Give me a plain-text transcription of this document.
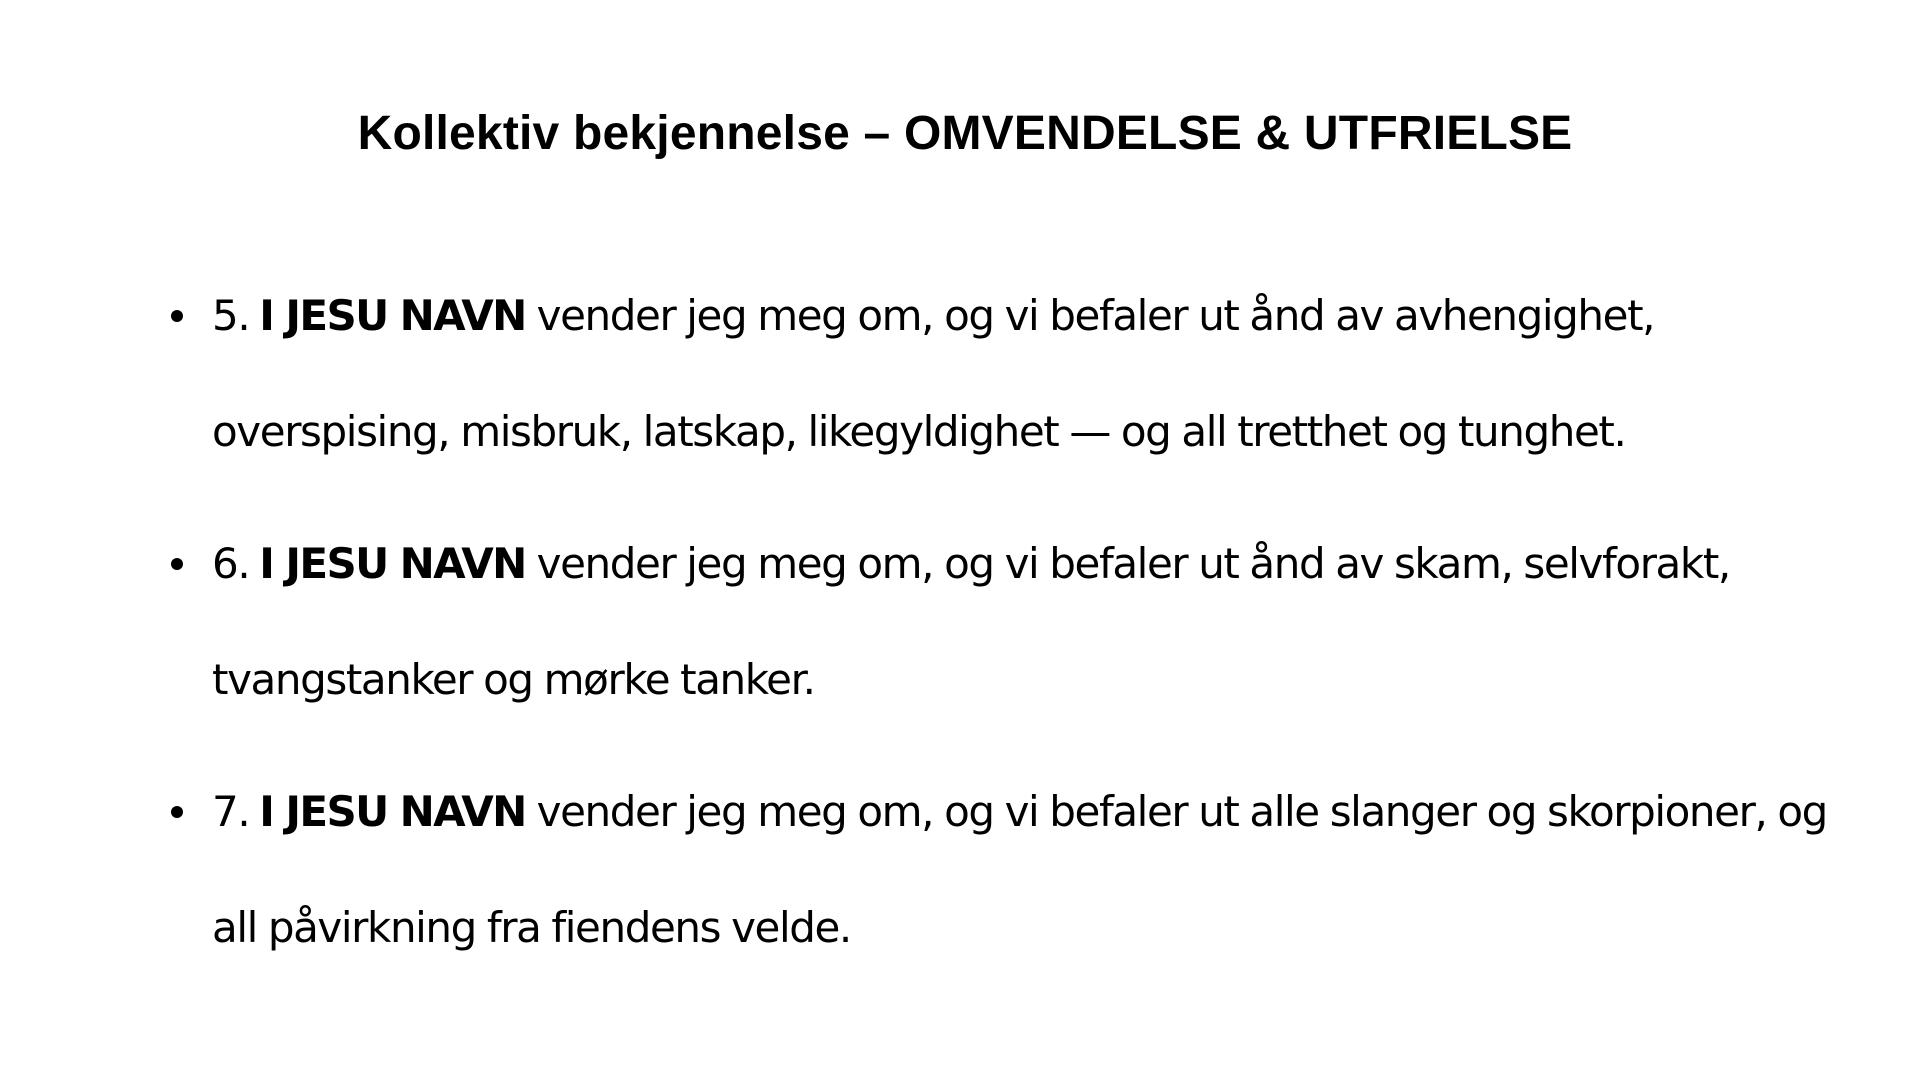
Kollektiv bekjennelse – OMVENDELSE & UTFRIELSE
5. I JESU NAVN vender jeg meg om, og vi befaler ut ånd av avhengighet, overspising, misbruk, latskap, likegyldighet — og all tretthet og tunghet.
6. I JESU NAVN vender jeg meg om, og vi befaler ut ånd av skam, selvforakt, tvangstanker og mørke tanker.
7. I JESU NAVN vender jeg meg om, og vi befaler ut alle slanger og skorpioner, og all påvirkning fra fiendens velde.
